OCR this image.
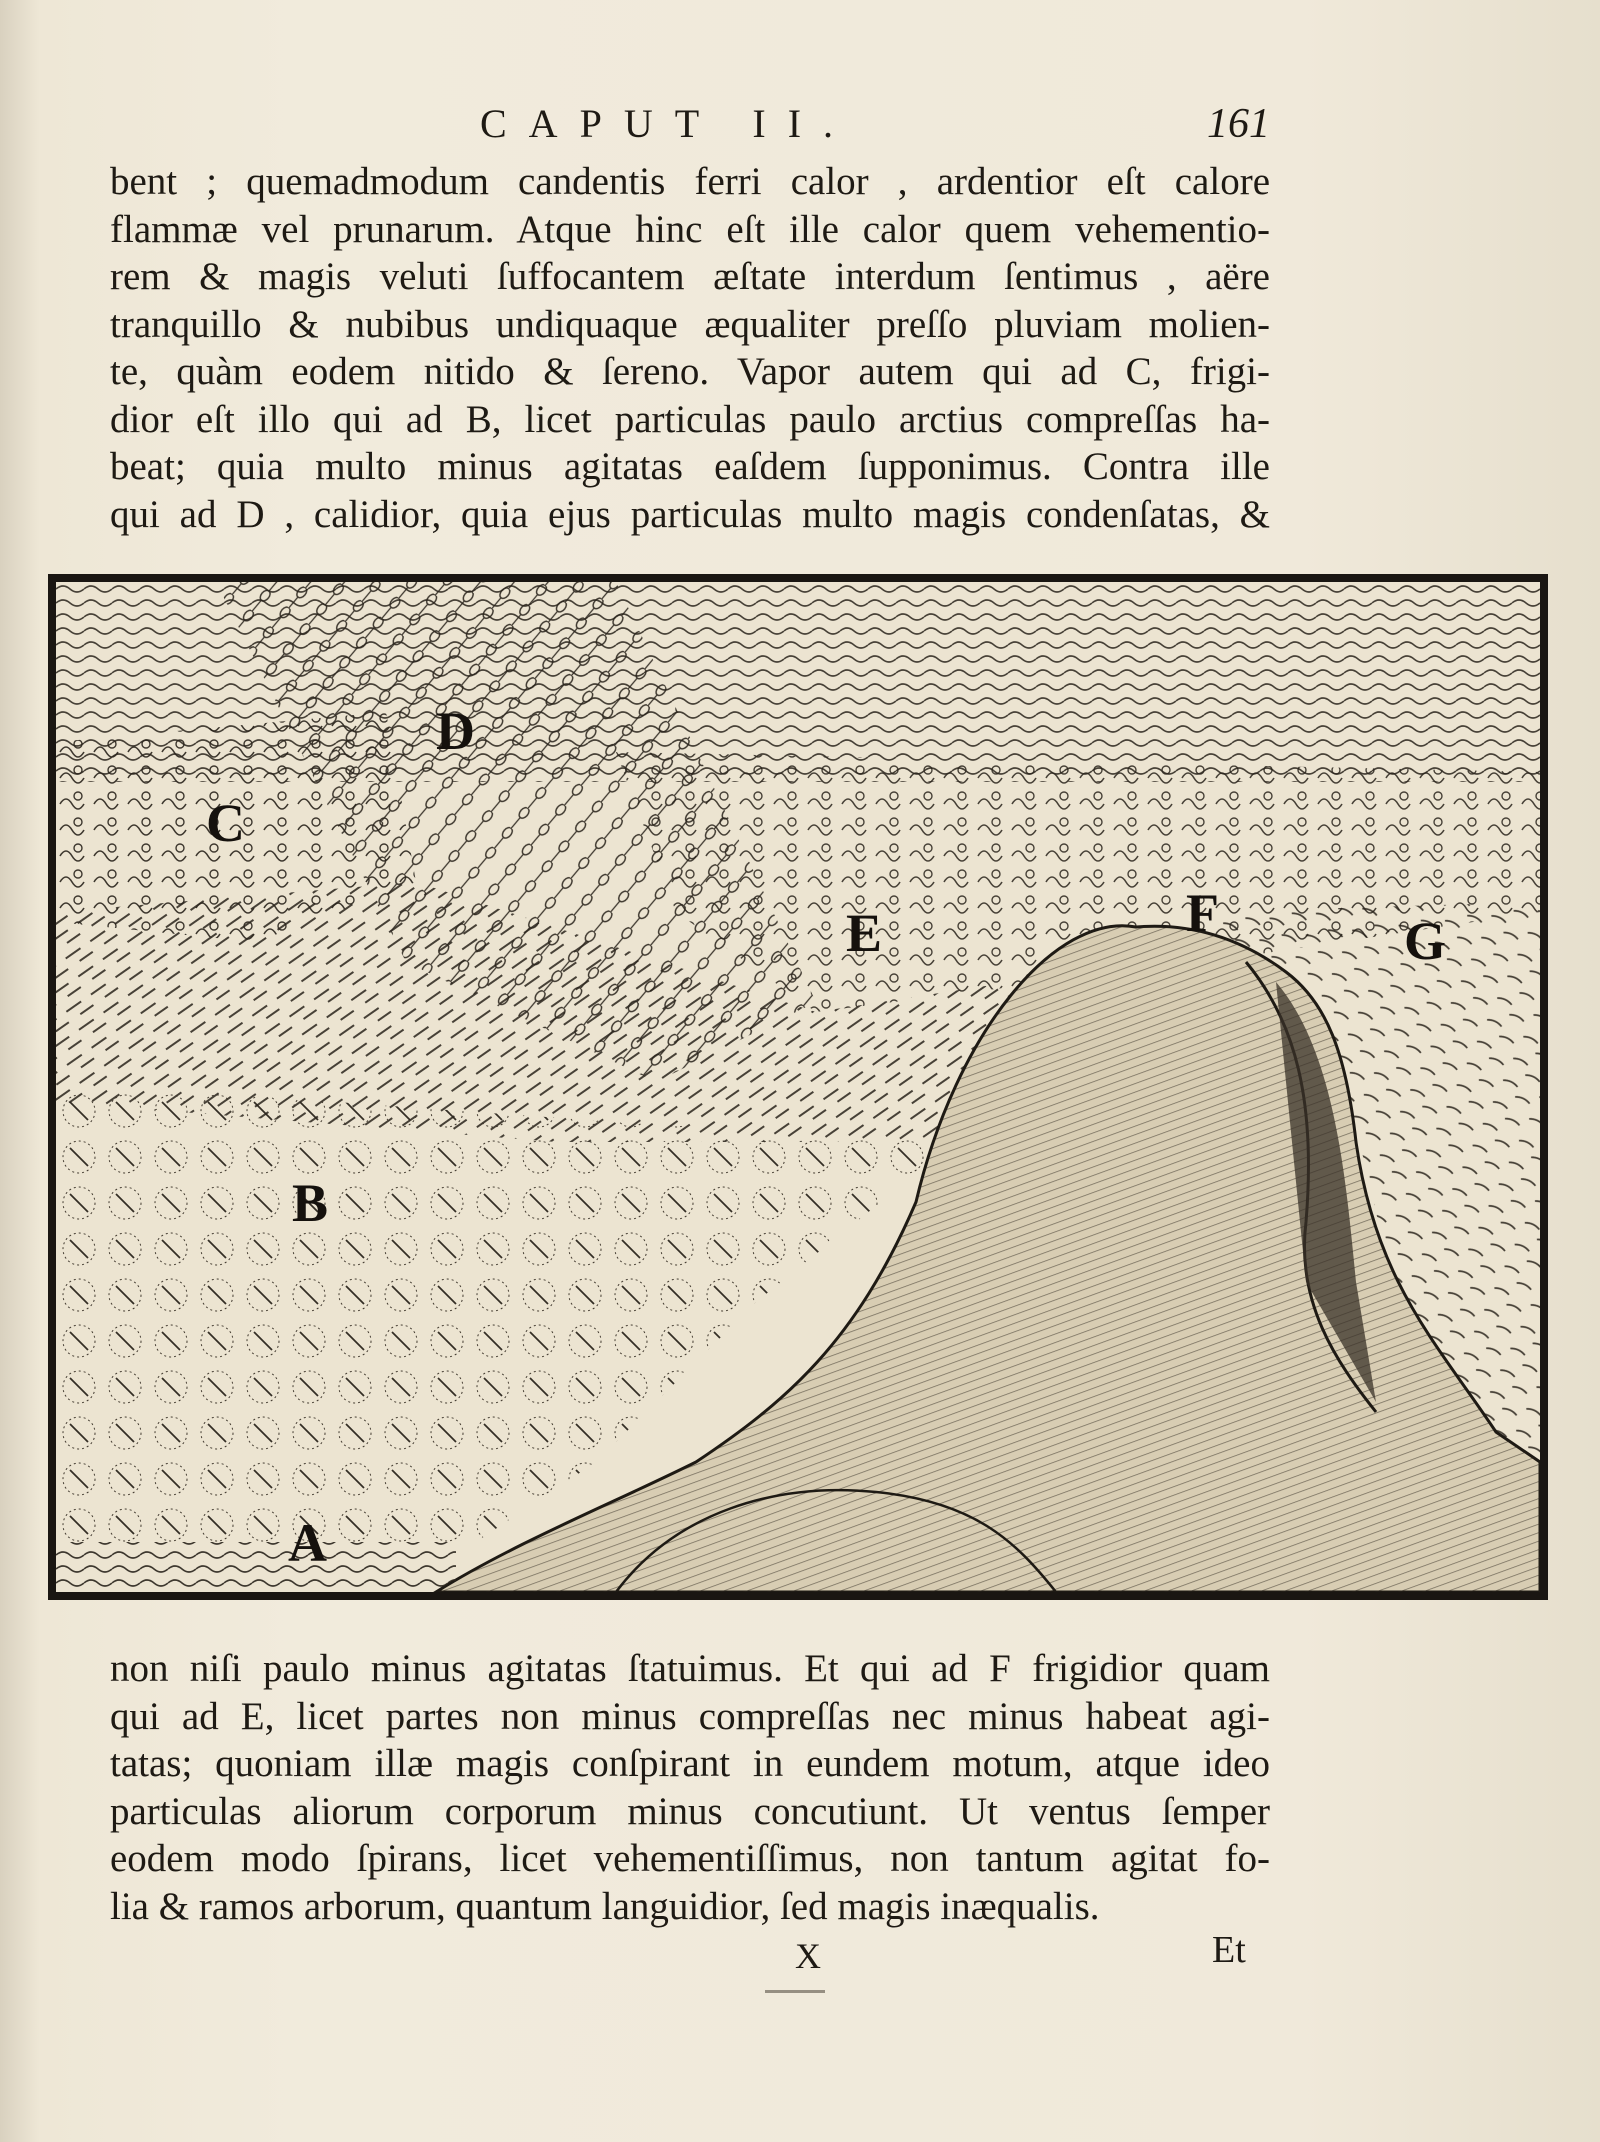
CAPUT II.	161
bent ; quemadmodum candentis ferri calor , ardentior eſt calore
flammæ vel prunarum. Atque hinc eſt ille calor quem vehementio-
rem & magis veluti ſuffocantem æſtate interdum ſentimus , aëre
tranquillo & nubibus undiquaque æqualiter preſſo pluviam molien-
te, quàm eodem nitido & ſereno. Vapor autem qui ad C, frigi-
dior eſt illo qui ad B, licet particulas paulo arctius compreſſas ha-
beat; quia multo minus agitatas eaſdem ſupponimus. Contra ille
qui ad D , calidior, quia ejus particulas multo magis condenſatas, &
A
B
C
D
E	F	G
non niſi paulo minus agitatas ſtatuimus. Et qui ad F frigidior quam
qui ad E, licet partes non minus compreſſas nec minus habeat agi-
tatas; quoniam illæ magis conſpirant in eundem motum, atque ideo
particulas aliorum corporum minus concutiunt. Ut ventus ſemper
eodem modo ſpirans, licet vehementiſſimus, non tantum agitat fo-
lia & ramos arborum, quantum languidior, ſed magis inæqualis.
X	Et
